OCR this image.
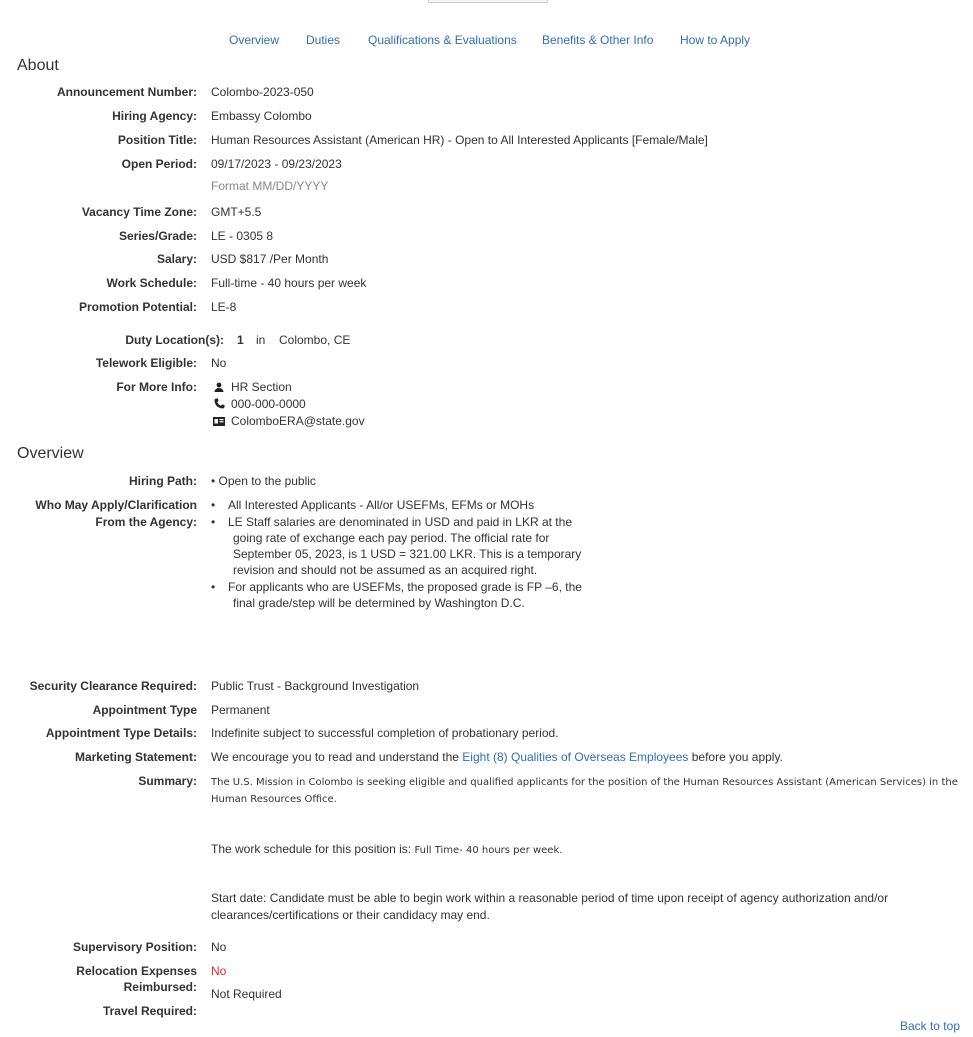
Overview Duties Qualifications & Evaluations Benefits & Other Info How to Apply
About
Announcement Number: Colombo-2023-050
Hiring Agency: Embassy Colombo
Position Title: Human Resources Assistant (American HR) - Open to All Interested Applicants [Female/Male]
Open Period: 09/17/2023 - 09/23/2023
Format MM/DD/YYYY
Vacancy Time Zone: GMT+5.5
Series/Grade: LE - 0305 8
Salary: USD $817 /Per Month
Work Schedule: Full-time - 40 hours per week
Promotion Potential: LE-8
Duty Location(s): 1 in Colombo, CE
Telework Eligible: No
For More Info:	HR Section
000-000-0000
ColomboERA@state.gov
Overview
Hiring Path: • Open to the public
Who May Apply/Clarification
From the Agency:
• All Interested Applicants - All/or USEFMs, EFMs or MOHs
• LE Staff salaries are denominated in USD and paid in LKR at the
going rate of exchange each pay period. The official rate for
September 05, 2023, is 1 USD = 321.00 LKR. This is a temporary
revision and should not be assumed as an acquired right.
• For applicants who are USEFMs, the proposed grade is FP –6, the
final grade/step will be determined by Washington D.C.
Security Clearance Required: Public Trust - Background Investigation
Appointment Type Permanent
Appointment Type Details: Indefinite subject to successful completion of probationary period.
Marketing Statement: We encourage you to read and understand the Eight (8) Qualities of Overseas Employees before you apply.
Summary: The U.S. Mission in Colombo is seeking eligible and qualified applicants for the position of the Human Resources Assistant (American Services) in the Human Resources Office.
The work schedule for this position is: Full Time- 40 hours per week.
Start date: Candidate must be able to begin work within a reasonable period of time upon receipt of agency authorization and/or clearances/certifications or their candidacy may end.
Supervisory Position: No
Relocation Expenses
Reimbursed:
No
Not Required
Travel Required:
Back to top
